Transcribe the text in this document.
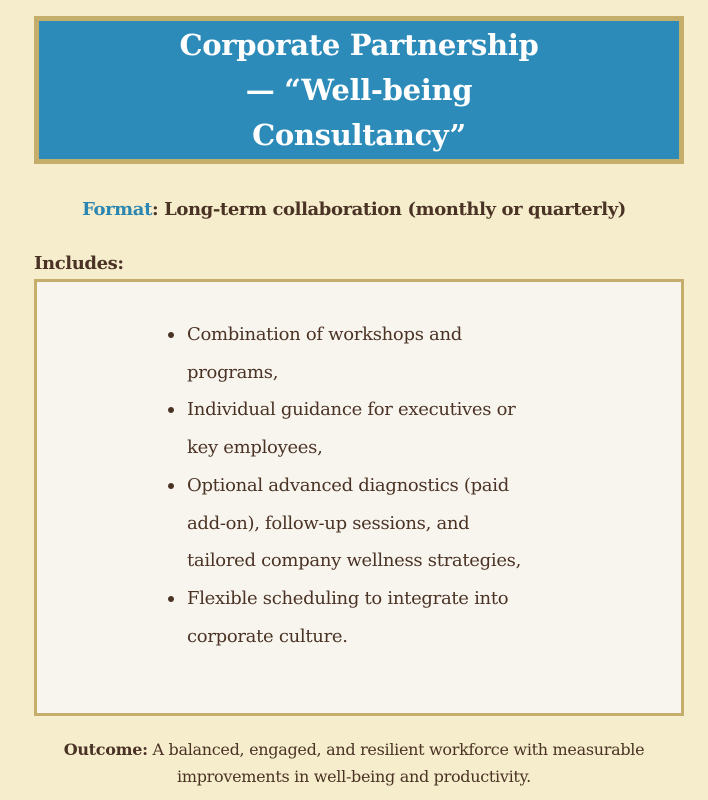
Corporate Partnership — “Well-being Consultancy”
Format: Long-term collaboration (monthly or quarterly)
Includes:
Combination of workshops and programs,
Individual guidance for executives or key employees,
Optional advanced diagnostics (paid add-on), follow-up sessions, and tailored company wellness strategies,
Flexible scheduling to integrate into corporate culture.
Outcome: A balanced, engaged, and resilient workforce with measurable improvements in well-being and productivity.
